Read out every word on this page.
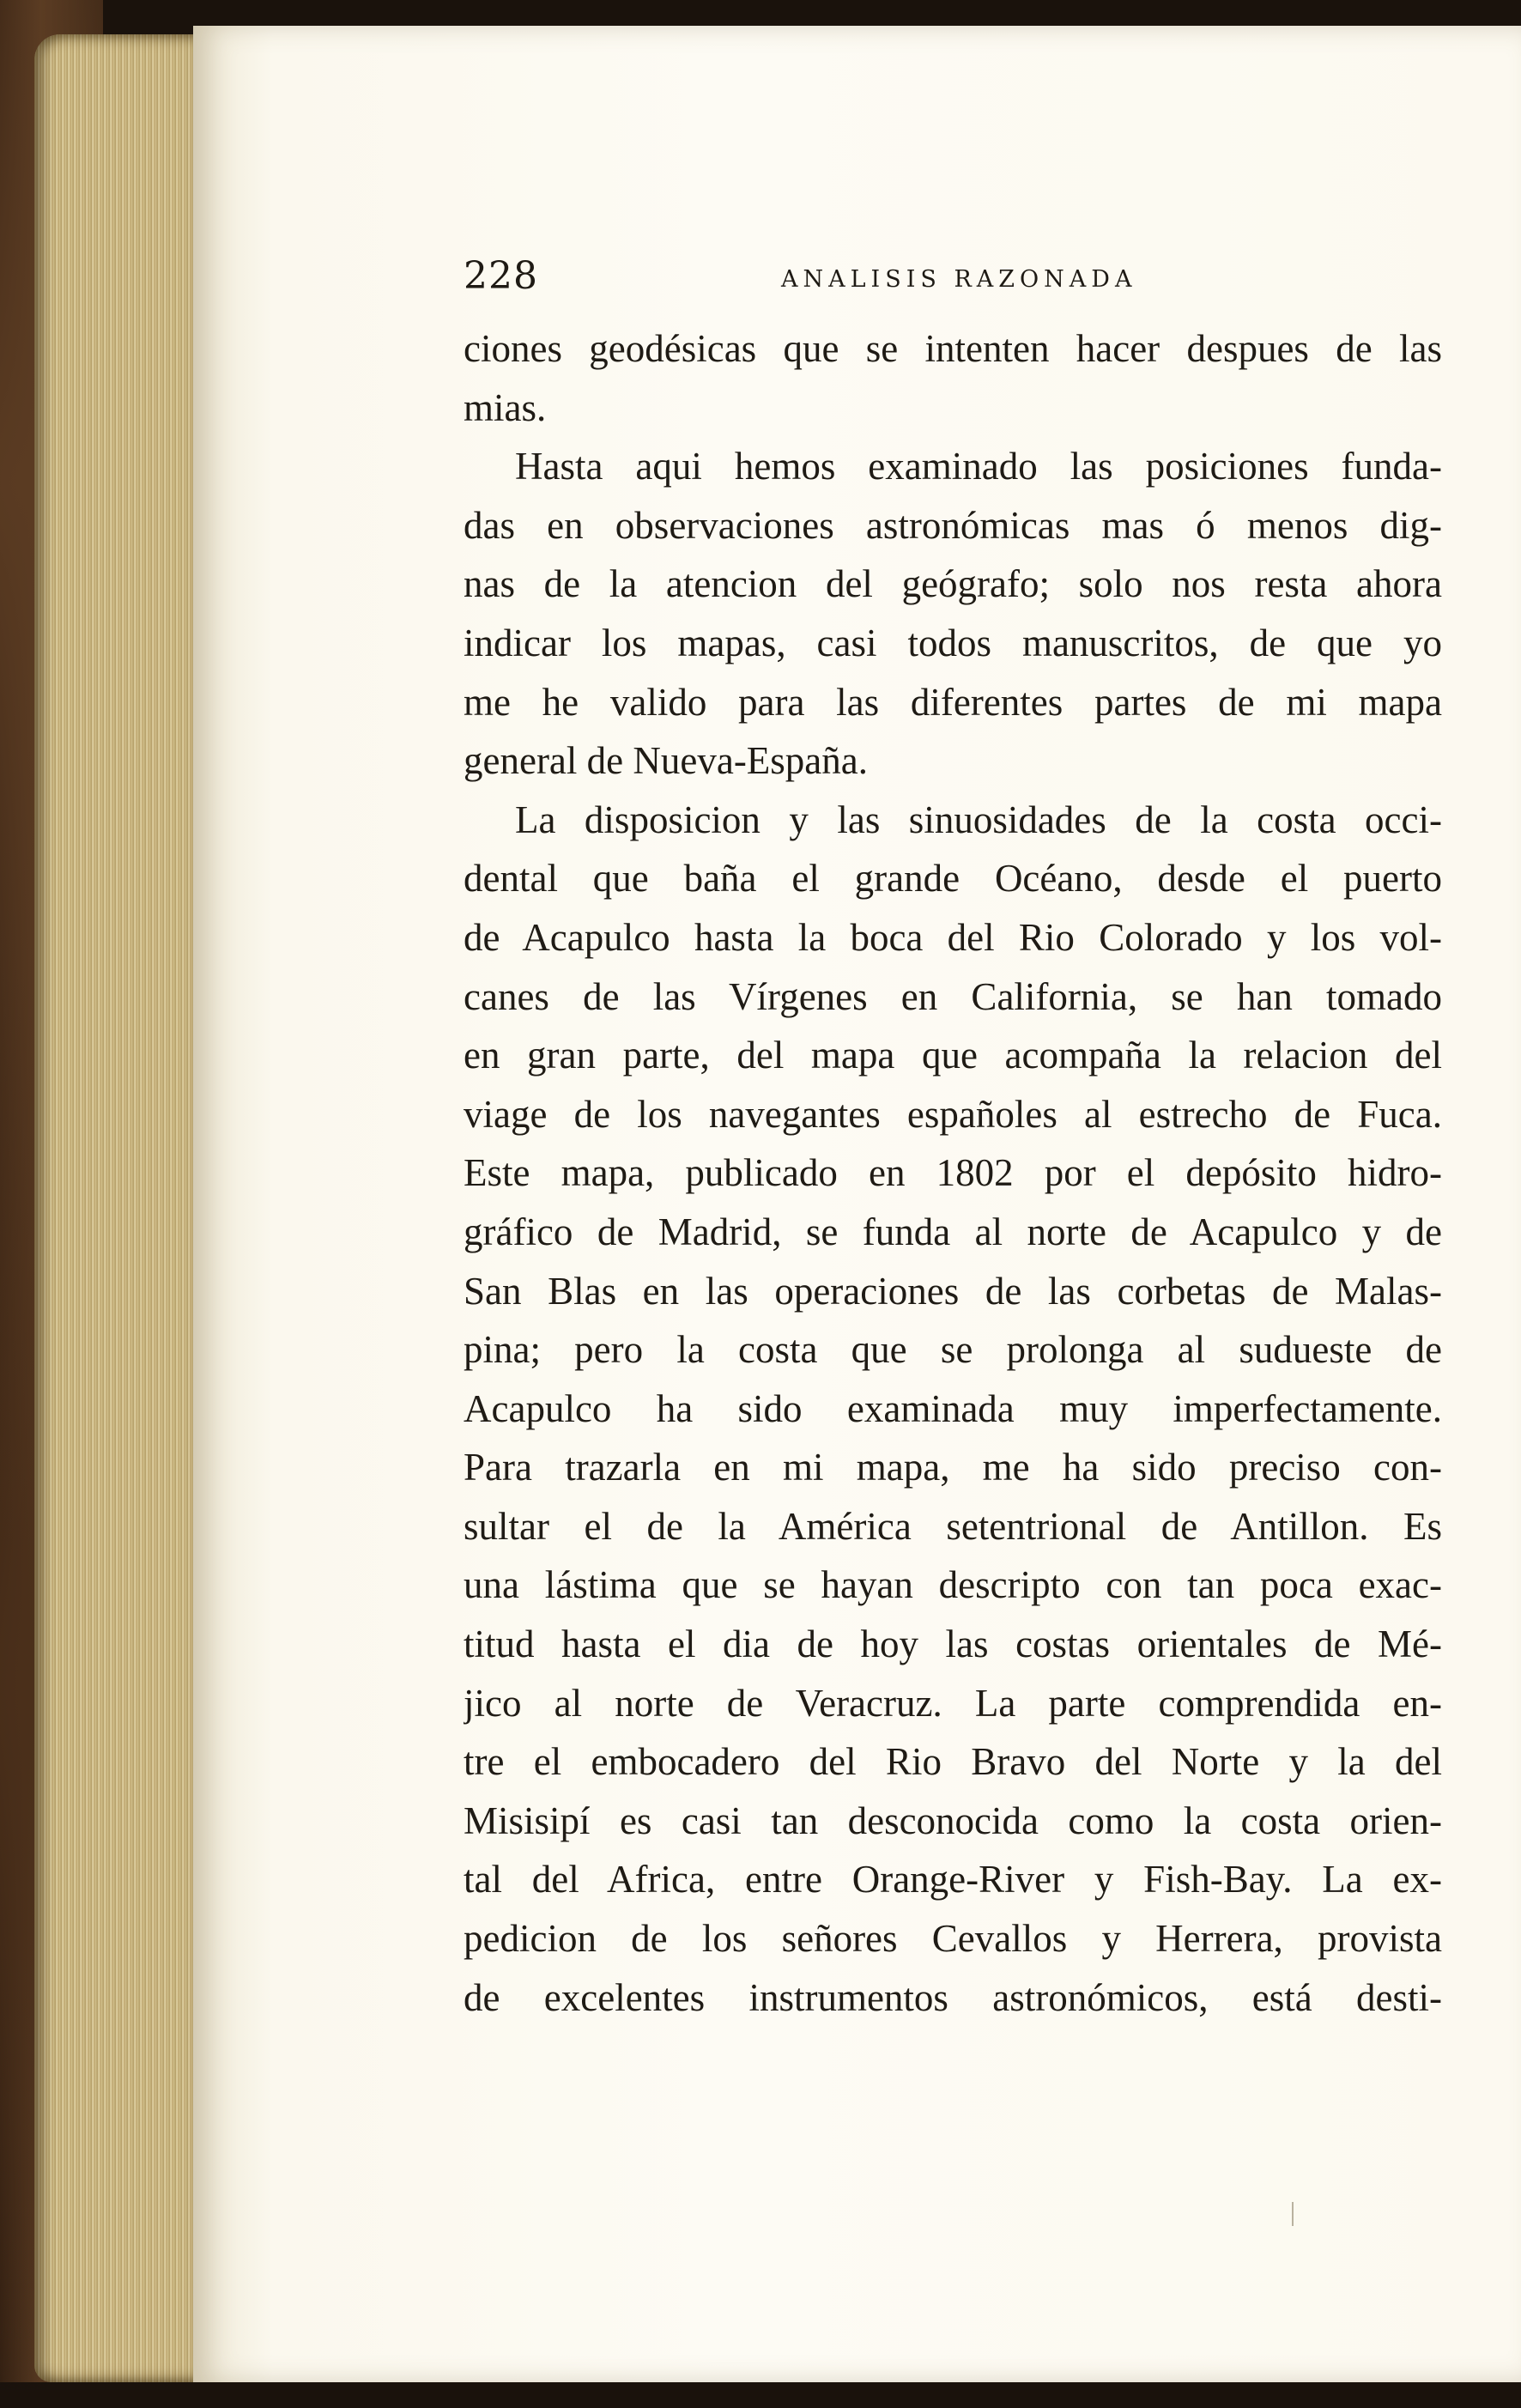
228	ANALISIS RAZONADA
ciones geodésicas que se intenten hacer despues de las
mias.
Hasta aqui hemos examinado las posiciones funda-
das en observaciones astronómicas mas ó menos dig-
nas de la atencion del geógrafo; solo nos resta ahora
indicar los mapas, casi todos manuscritos, de que yo
me he valido para las diferentes partes de mi mapa
general de Nueva-España.
La disposicion y las sinuosidades de la costa occi-
dental que baña el grande Océano, desde el puerto
de Acapulco hasta la boca del Rio Colorado y los vol-
canes de las Vírgenes en California, se han tomado
en gran parte, del mapa que acompaña la relacion del
viage de los navegantes españoles al estrecho de Fuca.
Este mapa, publicado en 1802 por el depósito hidro-
gráfico de Madrid, se funda al norte de Acapulco y de
San Blas en las operaciones de las corbetas de Malas-
pina; pero la costa que se prolonga al sudueste de
Acapulco ha sido examinada muy imperfectamente.
Para trazarla en mi mapa, me ha sido preciso con-
sultar el de la América setentrional de Antillon. Es
una lástima que se hayan descripto con tan poca exac-
titud hasta el dia de hoy las costas orientales de Mé-
jico al norte de Veracruz. La parte comprendida en-
tre el embocadero del Rio Bravo del Norte y la del
Misisipí es casi tan desconocida como la costa orien-
tal del Africa, entre Orange-River y Fish-Bay. La ex-
pedicion de los señores Cevallos y Herrera, provista
de excelentes instrumentos astronómicos, está desti-
